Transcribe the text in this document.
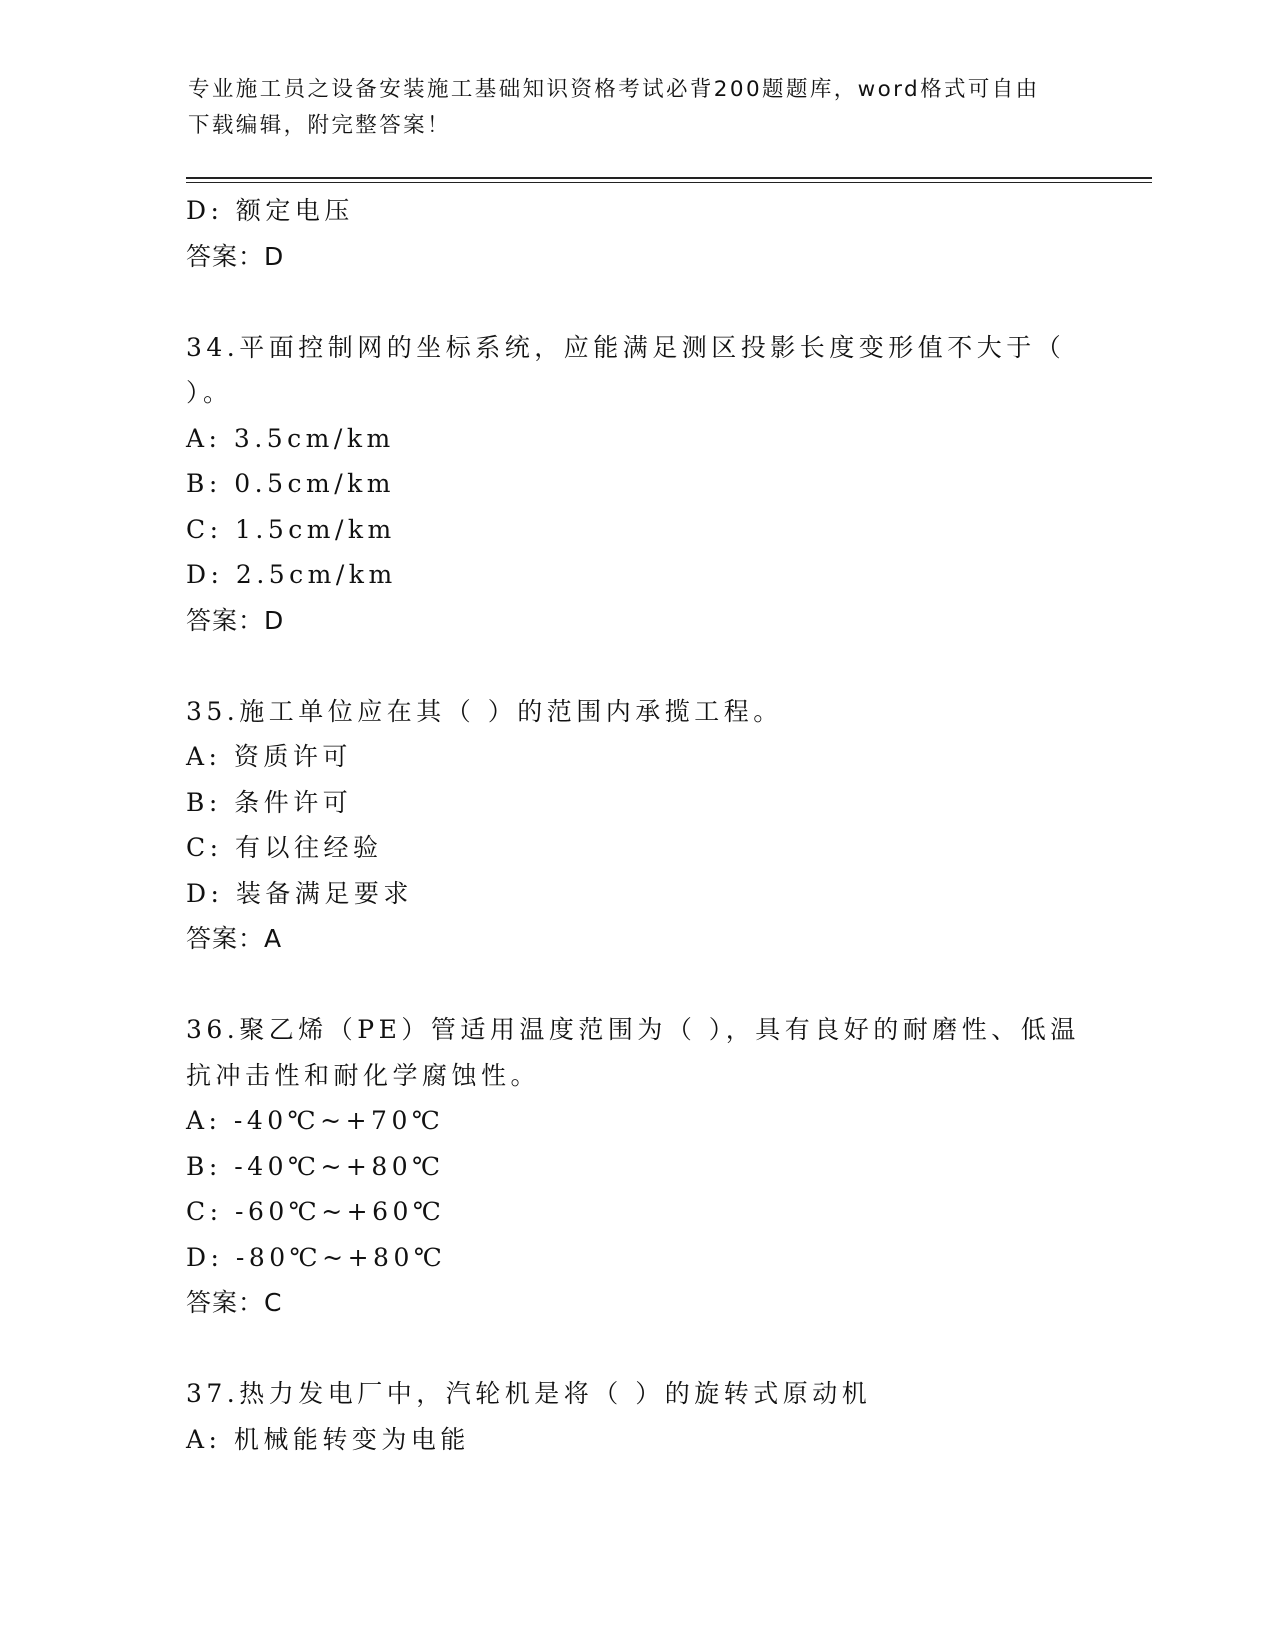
专业施工员之设备安装施工基础知识资格考试必背200题题库，word格式可自由
下载编辑，附完整答案！
D: 额定电压
答案：D
34.平面控制网的坐标系统，应能满足测区投影长度变形值不大于（
）。
A: 3.5cm/km
B: 0.5cm/km
C: 1.5cm/km
D: 2.5cm/km
答案：D
35.施工单位应在其（ ）的范围内承揽工程。
A: 资质许可
B: 条件许可
C: 有以往经验
D: 装备满足要求
答案：A
36.聚乙烯（PE）管适用温度范围为（ ），具有良好的耐磨性、低温
抗冲击性和耐化学腐蚀性。
A: -40℃~+70℃
B: -40℃~+80℃
C: -60℃~+60℃
D: -80℃~+80℃
答案：C
37.热力发电厂中，汽轮机是将（ ）的旋转式原动机
A: 机械能转变为电能
